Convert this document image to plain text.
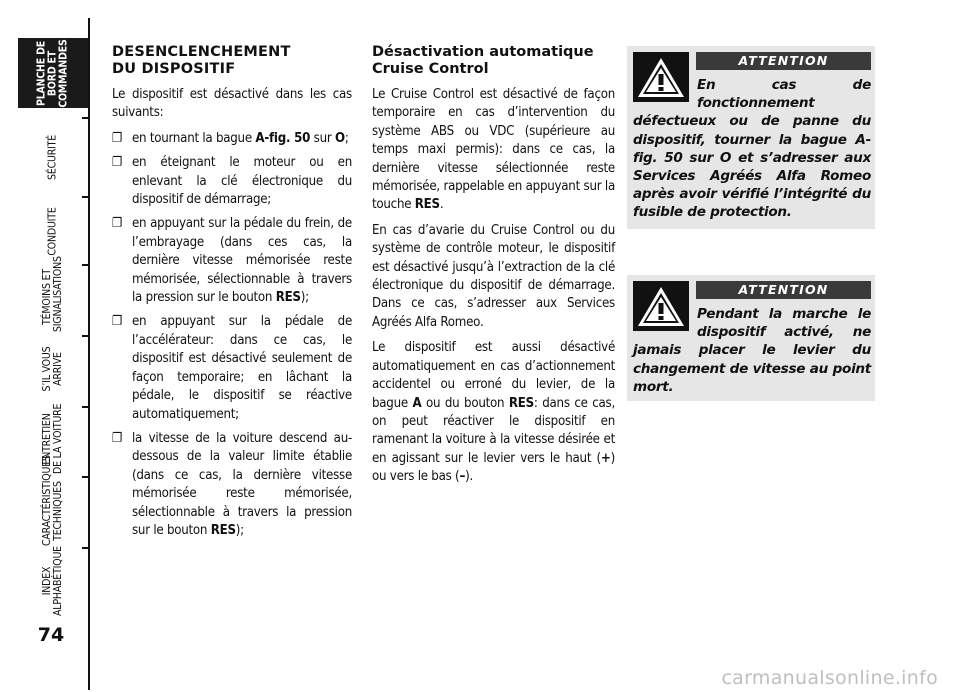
PLANCHE DE
BORD ET
COMMANDES
SÉCURITÉ
CONDUITE
TÉMOINS ET
SIGNALISATIONS
S’IL VOUS
ARRIVE
ENTRETIEN
DE LA VOITURE
CARACTÉRISTIQUES
TECHNIQUES
INDEX
ALPHABÉTIQUE
74
DESENCLENCHEMENT
DU DISPOSITIF

Le dispositif est désactivé dans les cas suivants:

❐ en tournant la bague A-fig. 50 sur O;
❐ en éteignant le moteur ou en enlevant la clé électronique du dispositif de démarrage;
❐ en appuyant sur la pédale du frein, de l’embrayage (dans ces cas, la dernière vitesse mémorisée reste mémorisée, sélectionnable à travers la pression sur le bouton RES);
❐ en appuyant sur la pédale de l’accélérateur: dans ce cas, le dispositif est désactivé seulement de façon temporaire; en lâchant la pédale, le dispositif se réactive automatiquement;
❐ la vitesse de la voiture descend au-dessous de la valeur limite établie (dans ce cas, la dernière vitesse mémorisée reste mémorisée, sélectionnable à travers la pression sur le bouton RES);
Désactivation automatique
Cruise Control

Le Cruise Control est désactivé de façon temporaire en cas d’intervention du système ABS ou VDC (supérieure au temps maxi permis): dans ce cas, la dernière vitesse sélectionnée reste mémorisée, rappelable en appuyant sur la touche RES.

En cas d’avarie du Cruise Control ou du système de contrôle moteur, le dispositif est désactivé jusqu’à l’extraction de la clé électronique du dispositif de démarrage. Dans ce cas, s’adresser aux Services Agréés Alfa Romeo.

Le dispositif est aussi désactivé automatiquement en cas d’actionnement accidentel ou erroné du levier, de la bague A ou du bouton RES: dans ce cas, on peut réactiver le dispositif en ramenant la voiture à la vitesse désirée et en agissant sur le levier vers le haut (+) ou vers le bas (–).

ATTENTION
En cas de fonctionnement défectueux ou de panne du dispositif, tourner la bague A-fig. 50 sur O et s’adresser aux Services Agréés Alfa Romeo après avoir vérifié l’intégrité du fusible de protection.
ATTENTION
Pendant la marche le dispositif activé, ne jamais placer le levier du changement de vitesse au point mort.
carmanualsonline.info
